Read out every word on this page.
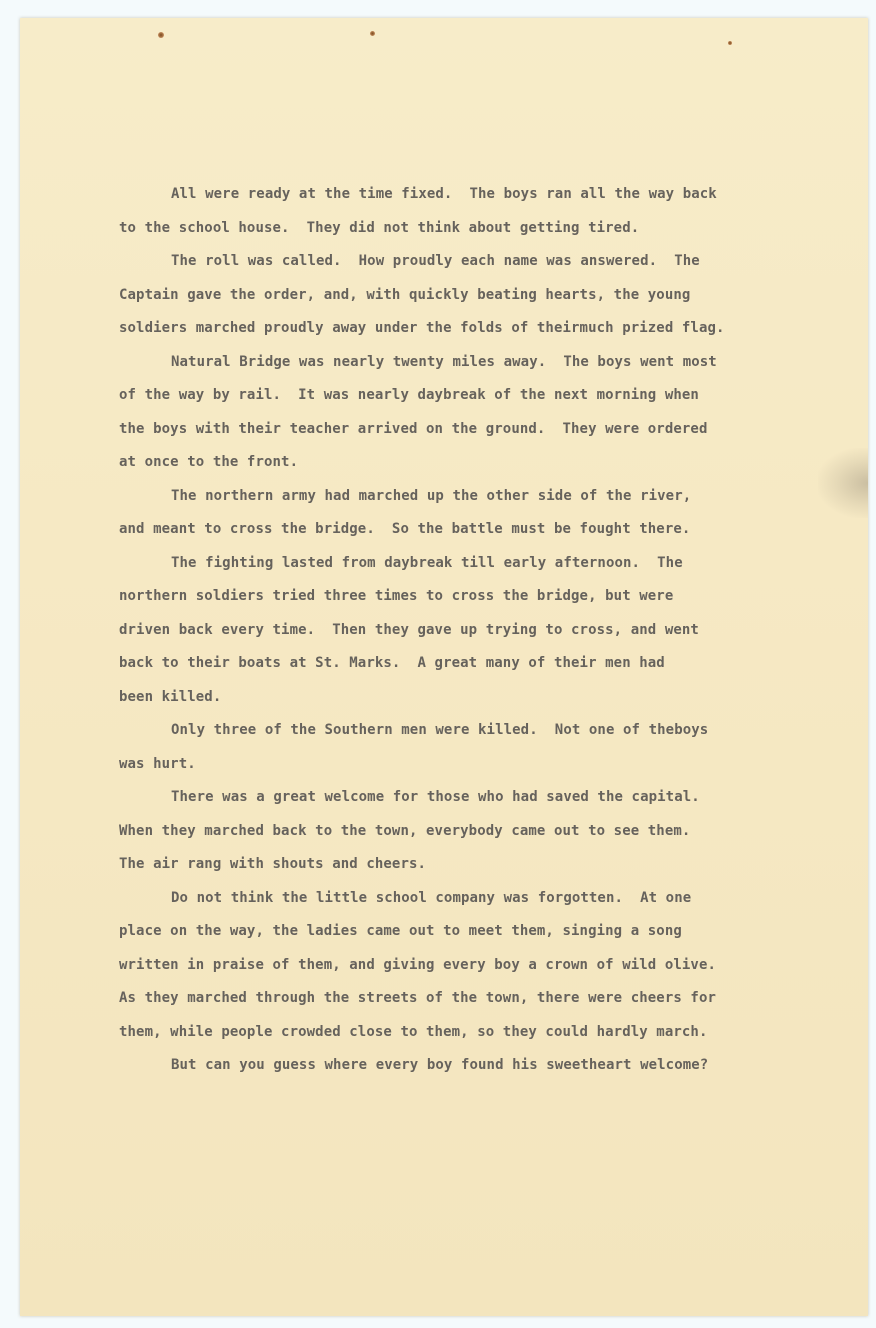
All were ready at the time fixed.  The boys ran all the way back
to the school house.  They did not think about getting tired.
The roll was called.  How proudly each name was answered.  The
Captain gave the order, and, with quickly beating hearts, the young
soldiers marched proudly away under the folds of theirmuch prized flag.
Natural Bridge was nearly twenty miles away.  The boys went most
of the way by rail.  It was nearly daybreak of the next morning when
the boys with their teacher arrived on the ground.  They were ordered
at once to the front.
The northern army had marched up the other side of the river,
and meant to cross the bridge.  So the battle must be fought there.
The fighting lasted from daybreak till early afternoon.  The
northern soldiers tried three times to cross the bridge, but were
driven back every time.  Then they gave up trying to cross, and went
back to their boats at St. Marks.  A great many of their men had
been killed.
Only three of the Southern men were killed.  Not one of theboys
was hurt.
There was a great welcome for those who had saved the capital.
When they marched back to the town, everybody came out to see them.
The air rang with shouts and cheers.
Do not think the little school company was forgotten.  At one
place on the way, the ladies came out to meet them, singing a song
written in praise of them, and giving every boy a crown of wild olive.
As they marched through the streets of the town, there were cheers for
them, while people crowded close to them, so they could hardly march.
But can you guess where every boy found his sweetheart welcome?
